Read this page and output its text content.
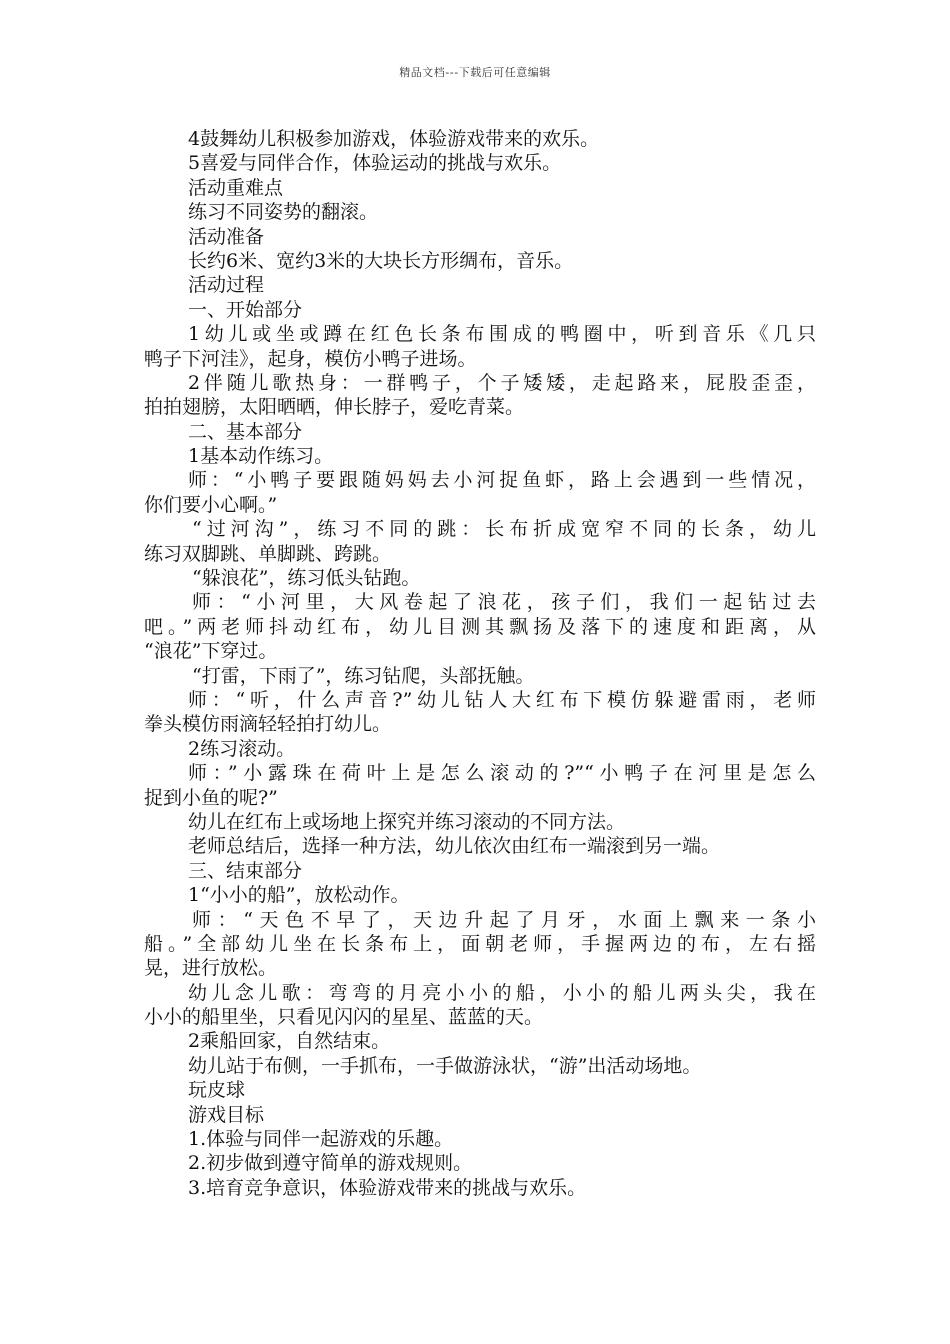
精品文档---下载后可任意编辑
4鼓舞幼儿积极参加游戏，体验游戏带来的欢乐。
5喜爱与同伴合作，体验运动的挑战与欢乐。
活动重难点
练习不同姿势的翻滚。
活动准备
长约6米、宽约3米的大块长方形绸布，音乐。
活动过程
一、开始部分
1幼儿或坐或蹲在红色长条布围成的鸭圈中，听到音乐《几只
鸭子下河洼》，起身，模仿小鸭子进场。
2伴随儿歌热身：一群鸭子，个子矮矮，走起路来，屁股歪歪，
拍拍翅膀，太阳晒晒，伸长脖子，爱吃青菜。
二、基本部分
1基本动作练习。
师：“小鸭子要跟随妈妈去小河捉鱼虾，路上会遇到一些情况，
你们要小心啊。”
“过河沟”，练习不同的跳：长布折成宽窄不同的长条，幼儿
练习双脚跳、单脚跳、跨跳。
“躲浪花”，练习低头钻跑。
师：“小河里，大风卷起了浪花，孩子们，我们一起钻过去
吧。”两老师抖动红布，幼儿目测其飘扬及落下的速度和距离，从
“浪花”下穿过。
“打雷，下雨了”，练习钻爬，头部抚触。
师：“听，什么声音?”幼儿钻人大红布下模仿躲避雷雨，老师
拳头模仿雨滴轻轻拍打幼儿。
2练习滚动。
师：”小露珠在荷叶上是怎么滚动的?”“小鸭子在河里是怎么
捉到小鱼的呢?”
幼儿在红布上或场地上探究并练习滚动的不同方法。
老师总结后，选择一种方法，幼儿依次由红布一端滚到另一端。
三、结束部分
1“小小的船”，放松动作。
师：“天色不早了，天边升起了月牙，水面上飘来一条小
船。”全部幼儿坐在长条布上，面朝老师，手握两边的布，左右摇
晃，进行放松。
幼儿念儿歌：弯弯的月亮小小的船，小小的船儿两头尖，我在
小小的船里坐，只看见闪闪的星星、蓝蓝的天。
2乘船回家，自然结束。
幼儿站于布侧，一手抓布，一手做游泳状，“游”出活动场地。
玩皮球
游戏目标
1.体验与同伴一起游戏的乐趣。
2.初步做到遵守简单的游戏规则。
3.培育竞争意识，体验游戏带来的挑战与欢乐。
